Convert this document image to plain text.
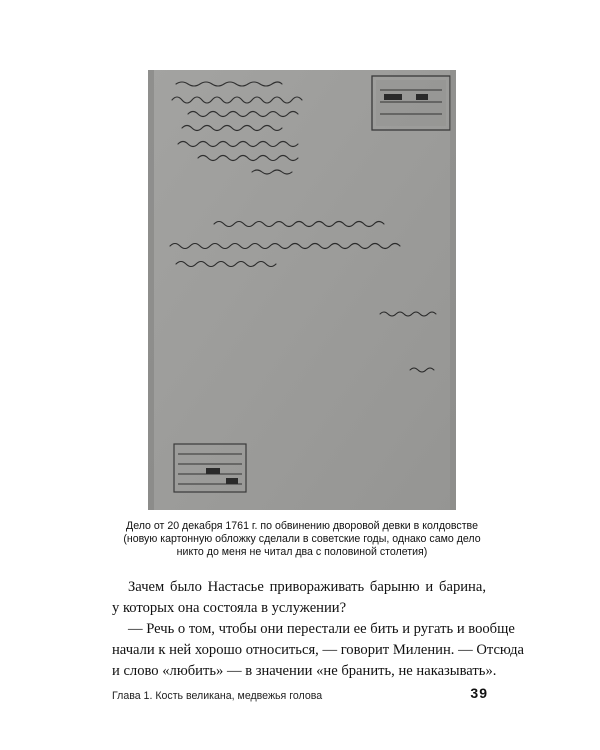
Дело от 20 декабря 1761 г. по обвинению дворовой девки в колдовстве
(новую картонную обложку сделали в советские годы, однако само дело
никто до меня не читал два с половиной столетия)
Зачем было Настасье привораживать барыню и барина,
у которых она состояла в услужении?
— Речь о том, чтобы они перестали ее бить и ругать и вообще
начали к ней хорошо относиться, — говорит Миленин. — Отсюда
и слово «любить» — в значении «не бранить, не наказывать».
Глава 1. Кость великана, медвежья голова	39
